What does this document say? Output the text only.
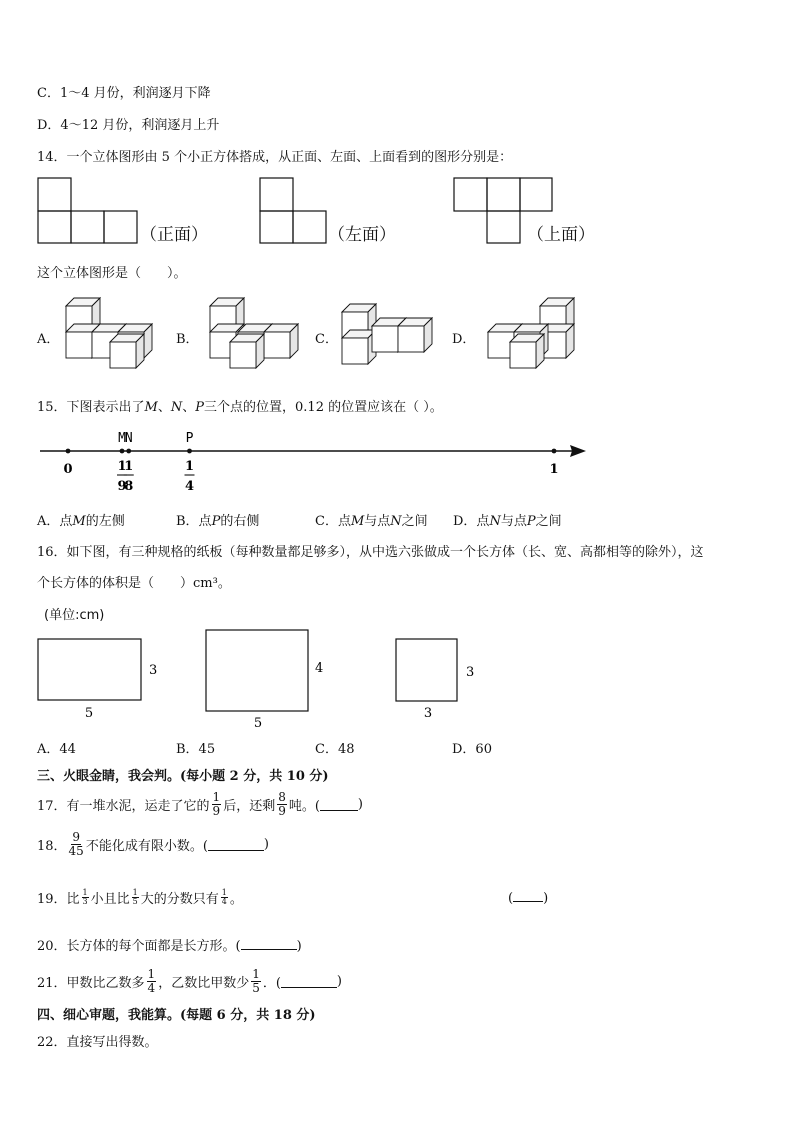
C．1～4 月份，利润逐月下降
D．4～12 月份，利润逐月上升
14．一个立体图形由 5 个小正方体搭成，从正面、左面、上面看到的图形分别是：
（正面）	（左面）	（上面）
这个立体图形是（　　）。
A．	B．	C．	D．
15．下图表示出了M、N、P三个点的位置，0.12 的位置应该在（ ）。
M
N	P
0	1
1
9
1
8
1
4
A．点M的左侧	B．点P的右侧	C．点M与点N之间 D．点N与点P之间
16．如下图，有三种规格的纸板（每种数量都足够多），从中选六张做成一个长方体（长、宽、高都相等的除外），这
个长方体的体积是（　　）cm³。
(单位:cm)
5
3
5
4
3
3
A．44	B．45	C．48	D．60
三、火眼金睛，我会判。(每小题 2 分，共 10 分)
17．有一堆水泥，运走了它的 $\frac{1}{9}$ 后，还剩 $\frac{8}{9}$ 吨。(	)
18． $\frac{9}{45}$ 不能化成有限小数。(	)
19．比 $\frac{1}{3}$ 小且比 $\frac{1}{5}$ 大的分数只有 $\frac{1}{4}$ 。	( )
20．长方体的每个面都是长方形。(	)
21．甲数比乙数多 $\frac{1}{4}$ ，乙数比甲数少 $\frac{1}{5}$ ．(	)
四、细心审题，我能算。(每题 6 分，共 18 分)
22．直接写出得数。
